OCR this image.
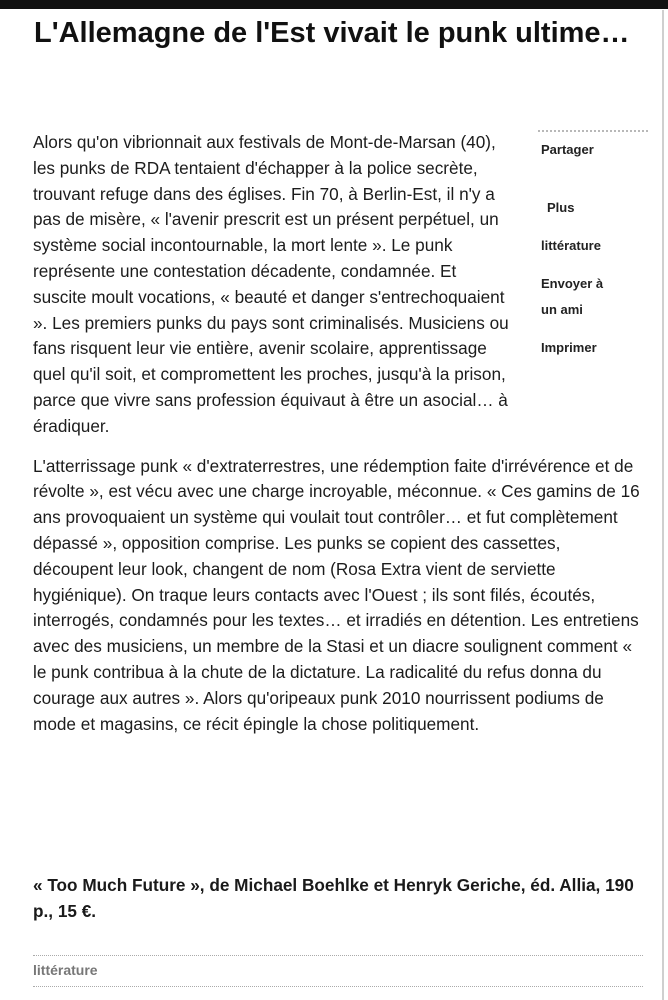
L'Allemagne de l'Est vivait le punk ultime…

Alors qu'on vibrionnait aux festivals de Mont-de-Marsan (40), les punks de RDA tentaient d'échapper à la police secrète, trouvant refuge dans des églises. Fin 70, à Berlin-Est, il n'y a pas de misère, « l'avenir prescrit est un présent perpétuel, un système social incontournable, la mort lente ». Le punk représente une contestation décadente, condamnée. Et suscite moult vocations, « beauté et danger s'entrechoquaient ». Les premiers punks du pays sont criminalisés. Musiciens ou fans risquent leur vie entière, avenir scolaire, apprentissage quel qu'il soit, et compromettent les proches, jusqu'à la prison, parce que vivre sans profession équivaut à être un asocial… à éradiquer.

L'atterrissage punk « d'extraterrestres, une rédemption faite d'irrévérence et de révolte », est vécu avec une charge incroyable, méconnue. « Ces gamins de 16 ans provoquaient un système qui voulait tout contrôler… et fut complètement dépassé », opposition comprise. Les punks se copient des cassettes, découpent leur look, changent de nom (Rosa Extra vient de serviette hygiénique). On traque leurs contacts avec l'Ouest ; ils sont filés, écoutés, interrogés, condamnés pour les textes… et irradiés en détention. Les entretiens avec des musiciens, un membre de la Stasi et un diacre soulignent comment « le punk contribua à la chute de la dictature. La radicalité du refus donna du courage aux autres ». Alors qu'oripeaux punk 2010 nourrissent podiums de mode et magasins, ce récit épingle la chose politiquement.

Partager
Plus
littérature
Envoyer à
un ami
Imprimer

« Too Much Future », de Michael Boehlke et Henryk Geriche, éd. Allia, 190 p., 15 €.

littérature
